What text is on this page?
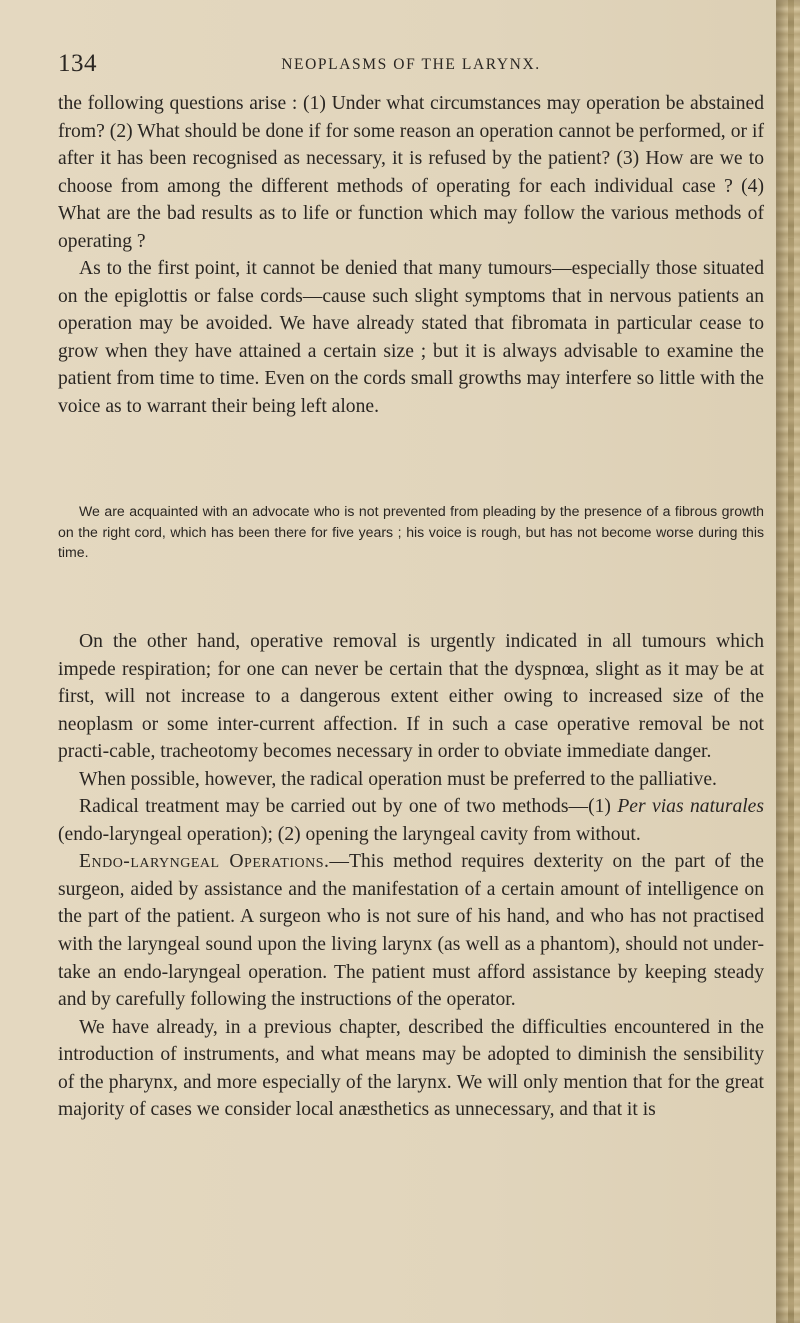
134	NEOPLASMS OF THE LARYNX.

the following questions arise : (1) Under what circumstances may operation be abstained from? (2) What should be done if for some reason an operation cannot be performed, or if after it has been recognised as necessary, it is refused by the patient? (3) How are we to choose from among the different methods of operating for each individual case ? (4) What are the bad results as to life or function which may follow the various methods of operating ?

As to the first point, it cannot be denied that many tumours—especially those situated on the epiglottis or false cords—cause such slight symptoms that in nervous patients an operation may be avoided. We have already stated that fibromata in particular cease to grow when they have attained a certain size ; but it is always advisable to examine the patient from time to time. Even on the cords small growths may interfere so little with the voice as to warrant their being left alone.

We are acquainted with an advocate who is not prevented from pleading by the presence of a fibrous growth on the right cord, which has been there for five years ; his voice is rough, but has not become worse during this time.

On the other hand, operative removal is urgently indicated in all tumours which impede respiration; for one can never be certain that the dyspnœa, slight as it may be at first, will not increase to a dangerous extent either owing to increased size of the neoplasm or some inter-current affection. If in such a case operative removal be not practi-cable, tracheotomy becomes necessary in order to obviate immediate danger.

When possible, however, the radical operation must be preferred to the palliative.

Radical treatment may be carried out by one of two methods—(1) Per vias naturales (endo-laryngeal operation); (2) opening the laryngeal cavity from without.

Endo-laryngeal Operations.—This method requires dexterity on the part of the surgeon, aided by assistance and the manifestation of a certain amount of intelligence on the part of the patient. A surgeon who is not sure of his hand, and who has not practised with the laryngeal sound upon the living larynx (as well as a phantom), should not under-take an endo-laryngeal operation. The patient must afford assistance by keeping steady and by carefully following the instructions of the operator.

We have already, in a previous chapter, described the difficulties encountered in the introduction of instruments, and what means may be adopted to diminish the sensibility of the pharynx, and more especially of the larynx. We will only mention that for the great majority of cases we consider local anæsthetics as unnecessary, and that it is
